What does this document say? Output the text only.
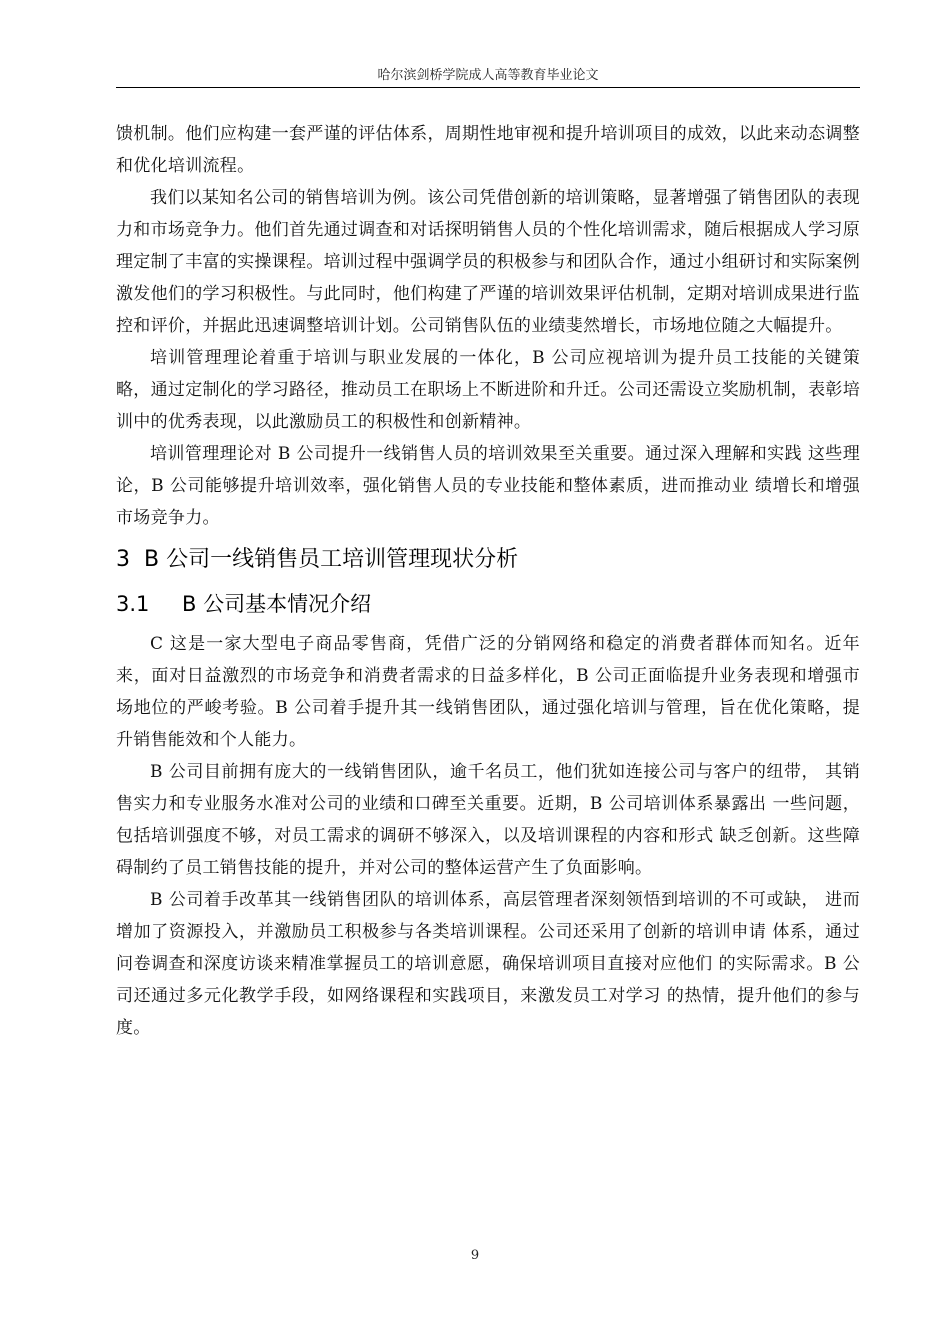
哈尔滨剑桥学院成人高等教育毕业论文

馈机制。他们应构建一套严谨的评估体系，周期性地审视和提升培训项目的成效，以此来动态调整和优化培训流程。

我们以某知名公司的销售培训为例。该公司凭借创新的培训策略，显著增强了销售团队的表现力和市场竞争力。他们首先通过调查和对话探明销售人员的个性化培训需求，随后根据成人学习原理定制了丰富的实操课程。培训过程中强调学员的积极参与和团队合作，通过小组研讨和实际案例激发他们的学习积极性。与此同时，他们构建了严谨的培训效果评估机制，定期对培训成果进行监控和评价，并据此迅速调整培训计划。公司销售队伍的业绩斐然增长，市场地位随之大幅提升。

培训管理理论着重于培训与职业发展的一体化，B 公司应视培训为提升员工技能的关键策略，通过定制化的学习路径，推动员工在职场上不断进阶和升迁。公司还需设立奖励机制，表彰培训中的优秀表现，以此激励员工的积极性和创新精神。

培训管理理论对 B 公司提升一线销售人员的培训效果至关重要。通过深入理解和实践 这些理论，B 公司能够提升培训效率，强化销售人员的专业技能和整体素质，进而推动业 绩增长和增强市场竞争力。

3 B 公司一线销售员工培训管理现状分析
3.1 B 公司基本情况介绍

C 这是一家大型电子商品零售商，凭借广泛的分销网络和稳定的消费者群体而知名。近年来，面对日益激烈的市场竞争和消费者需求的日益多样化，B 公司正面临提升业务表现和增强市场地位的严峻考验。B 公司着手提升其一线销售团队，通过强化培训与管理，旨在优化策略，提升销售能效和个人能力。

B 公司目前拥有庞大的一线销售团队，逾千名员工，他们犹如连接公司与客户的纽带， 其销售实力和专业服务水准对公司的业绩和口碑至关重要。近期，B 公司培训体系暴露出 一些问题，包括培训强度不够，对员工需求的调研不够深入，以及培训课程的内容和形式 缺乏创新。这些障碍制约了员工销售技能的提升，并对公司的整体运营产生了负面影响。

B 公司着手改革其一线销售团队的培训体系，高层管理者深刻领悟到培训的不可或缺， 进而增加了资源投入，并激励员工积极参与各类培训课程。公司还采用了创新的培训申请 体系，通过问卷调查和深度访谈来精准掌握员工的培训意愿，确保培训项目直接对应他们 的实际需求。B 公司还通过多元化教学手段，如网络课程和实践项目，来激发员工对学习 的热情，提升他们的参与度。

9
